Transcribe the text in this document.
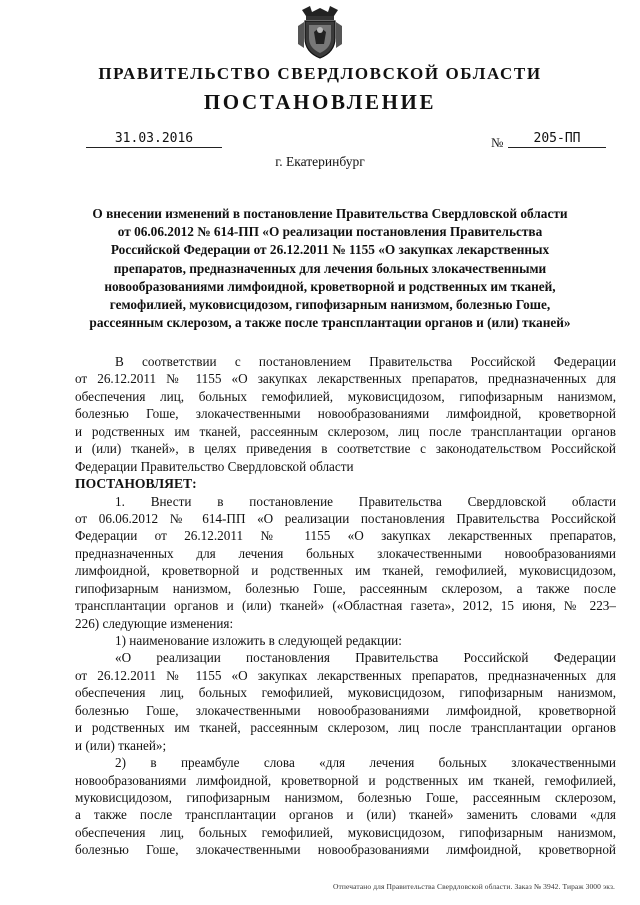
ПРАВИТЕЛЬСТВО СВЕРДЛОВСКОЙ ОБЛАСТИ
ПОСТАНОВЛЕНИЕ
31.03.2016	№	205-ПП
г. Екатеринбург
О внесении изменений в постановление Правительства Свердловской области
от 06.06.2012 № 614-ПП «О реализации постановления Правительства
Российской Федерации от 26.12.2011 № 1155 «О закупках лекарственных
препаратов, предназначенных для лечения больных злокачественными
новообразованиями лимфоидной, кроветворной и родственных им тканей,
гемофилией, муковисцидозом, гипофизарным нанизмом, болезнью Гоше,
рассеянным склерозом, а также после трансплантации органов и (или) тканей»
В соответствии с постановлением Правительства Российской Федерации
от 26.12.2011 № 1155 «О закупках лекарственных препаратов, предназначенных для
обеспечения лиц, больных гемофилией, муковисцидозом, гипофизарным нанизмом,
болезнью Гоше, злокачественными новообразованиями лимфоидной, кроветворной
и родственных им тканей, рассеянным склерозом, лиц после трансплантации органов
и (или) тканей», в целях приведения в соответствие с законодательством Российской
Федерации Правительство Свердловской области
ПОСТАНОВЛЯЕТ:
1. Внести в постановление Правительства Свердловской области
от 06.06.2012 № 614-ПП «О реализации постановления Правительства Российской
Федерации от 26.12.2011 № 1155 «О закупках лекарственных препаратов,
предназначенных для лечения больных злокачественными новообразованиями
лимфоидной, кроветворной и родственных им тканей, гемофилией, муковисцидозом,
гипофизарным нанизмом, болезнью Гоше, рассеянным склерозом, а также после
трансплантации органов и (или) тканей» («Областная газета», 2012, 15 июня, № 223–
226) следующие изменения:
1) наименование изложить в следующей редакции:
«О реализации постановления Правительства Российской Федерации
от 26.12.2011 № 1155 «О закупках лекарственных препаратов, предназначенных для
обеспечения лиц, больных гемофилией, муковисцидозом, гипофизарным нанизмом,
болезнью Гоше, злокачественными новообразованиями лимфоидной, кроветворной
и родственных им тканей, рассеянным склерозом, лиц после трансплантации органов
и (или) тканей»;
2) в преамбуле слова «для лечения больных злокачественными
новообразованиями лимфоидной, кроветворной и родственных им тканей, гемофилией,
муковисцидозом, гипофизарным нанизмом, болезнью Гоше, рассеянным склерозом,
а также после трансплантации органов и (или) тканей» заменить словами «для
обеспечения лиц, больных гемофилией, муковисцидозом, гипофизарным нанизмом,
болезнью Гоше, злокачественными новообразованиями лимфоидной, кроветворной
Отпечатано для Правительства Свердловской области. Заказ № 3942. Тираж 3000 экз.
